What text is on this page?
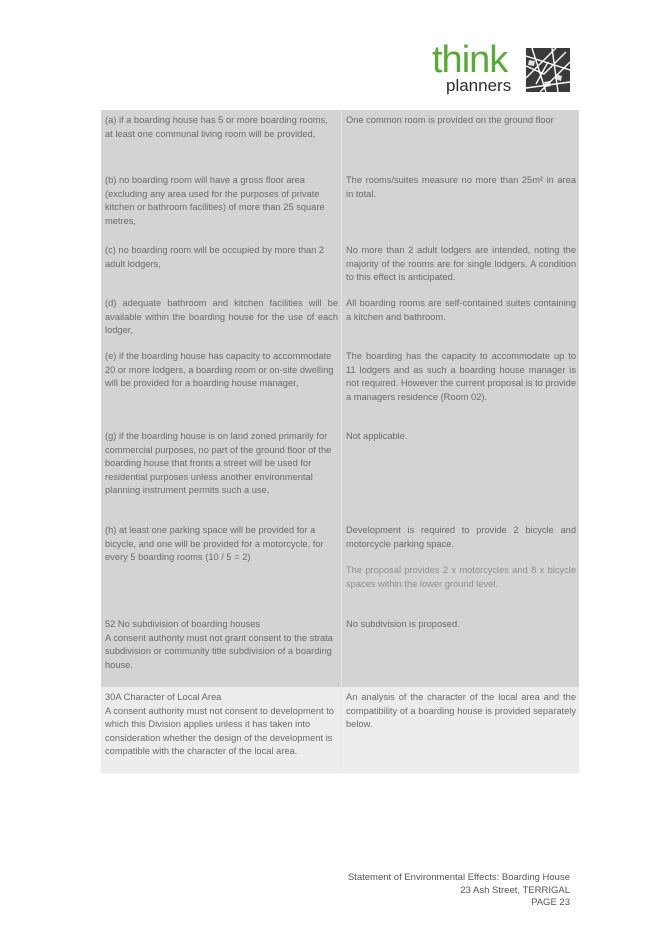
think
planners
(a) if a boarding house has 5 or more boarding rooms, at least one communal living room will be provided,
One common room is provided on the ground floor
(b) no boarding room will have a gross floor area (excluding any area used for the purposes of private kitchen or bathroom facilities) of more than 25 square metres,
The rooms/suites measure no more than 25m² in area in total.
(c) no boarding room will be occupied by more than 2 adult lodgers,
No more than 2 adult lodgers are intended, noting the majority of the rooms are for single lodgers. A condition to this effect is anticipated.
(d) adequate bathroom and kitchen facilities will be available within the boarding house for the use of each lodger,
All boarding rooms are self-contained suites containing a kitchen and bathroom.
(e) if the boarding house has capacity to accommodate 20 or more lodgers, a boarding room or on-site dwelling will be provided for a boarding house manager,
The boarding has the capacity to accommodate up to 11 lodgers and as such a boarding house manager is not required. However the current proposal is to provide a managers residence (Room 02).
(g) if the boarding house is on land zoned primarily for commercial purposes, no part of the ground floor of the boarding house that fronts a street will be used for residential purposes unless another environmental planning instrument permits such a use,
Not applicable.
(h) at least one parking space will be provided for a bicycle, and one will be provided for a motorcycle, for every 5 boarding rooms (10 / 5 = 2)

Development is required to provide 2 bicycle and motorcycle parking space.

The proposal provides 2 x motorcycles and 8 x bicycle spaces within the lower ground level.

52 No subdivision of boarding houses

A consent authority must not grant consent to the strata subdivision or community title subdivision of a boarding house.

No subdivision is proposed.

30A Character of Local Area

A consent authority must not consent to development to which this Division applies unless it has taken into consideration whether the design of the development is compatible with the character of the local area.

An analysis of the character of the local area and the compatibility of a boarding house is provided separately below.
Statement of Environmental Effects: Boarding House
23 Ash Street, TERRIGAL
PAGE 23
